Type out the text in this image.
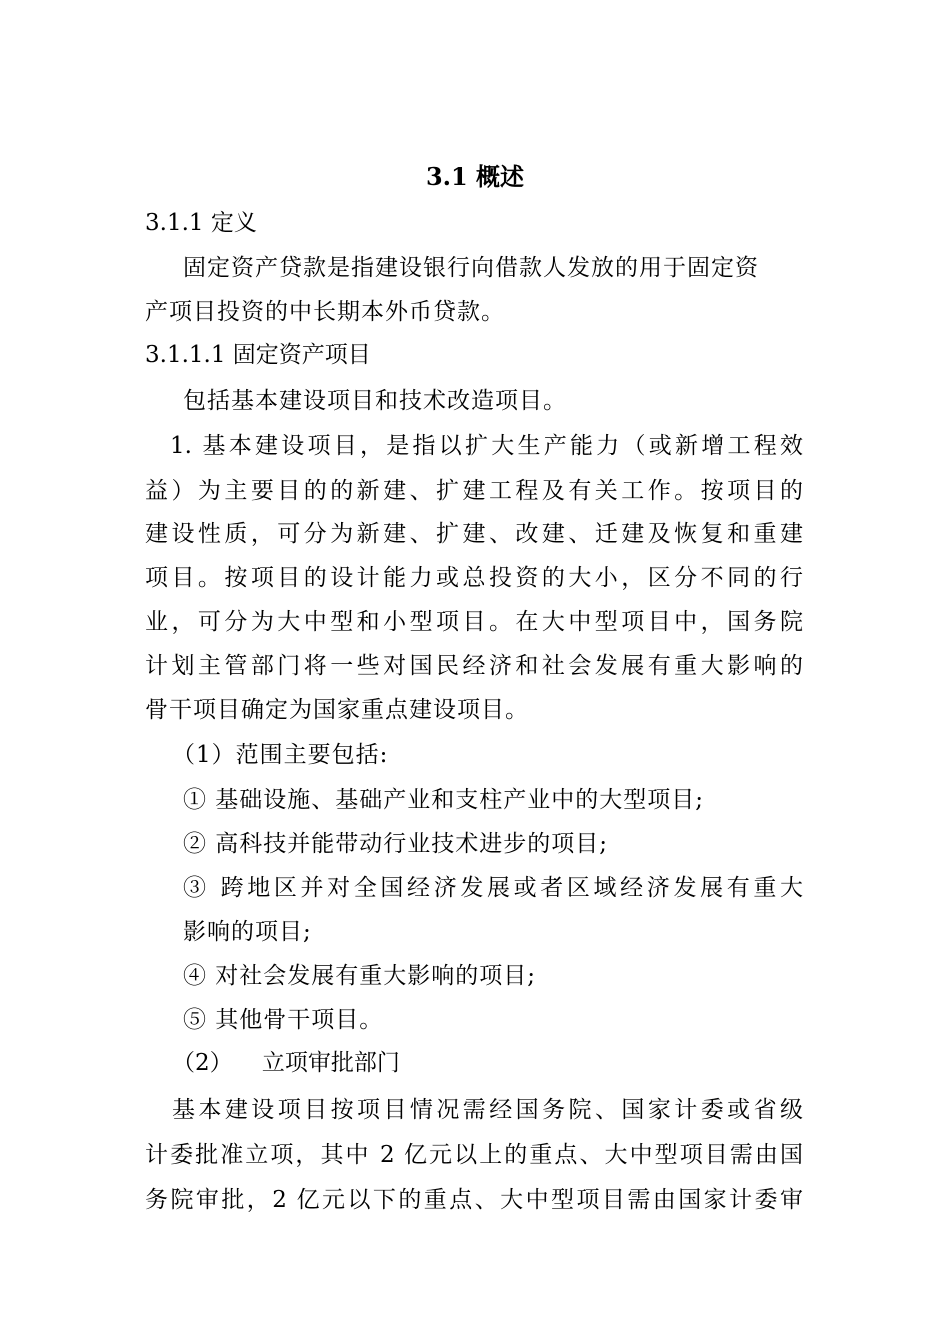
3.1 概述
3.1.1 定义
固定资产贷款是指建设银行向借款人发放的用于固定资
产项目投资的中长期本外币贷款。
3.1.1.1 固定资产项目
包括基本建设项目和技术改造项目。
1. 基本建设项目，是指以扩大生产能力（或新增工程效
益）为主要目的的新建、扩建工程及有关工作。按项目的
建设性质，可分为新建、扩建、改建、迁建及恢复和重建
项目。按项目的设计能力或总投资的大小，区分不同的行
业，可分为大中型和小型项目。在大中型项目中，国务院
计划主管部门将一些对国民经济和社会发展有重大影响的
骨干项目确定为国家重点建设项目。
（1）范围主要包括:
① 基础设施、基础产业和支柱产业中的大型项目;
② 高科技并能带动行业技术进步的项目;
③ 跨地区并对全国经济发展或者区域经济发展有重大
影响的项目;
④ 对社会发展有重大影响的项目;
⑤ 其他骨干项目。
（2）    立项审批部门
基本建设项目按项目情况需经国务院、国家计委或省级
计委批准立项，其中 2 亿元以上的重点、大中型项目需由国
务院审批，2 亿元以下的重点、大中型项目需由国家计委审
